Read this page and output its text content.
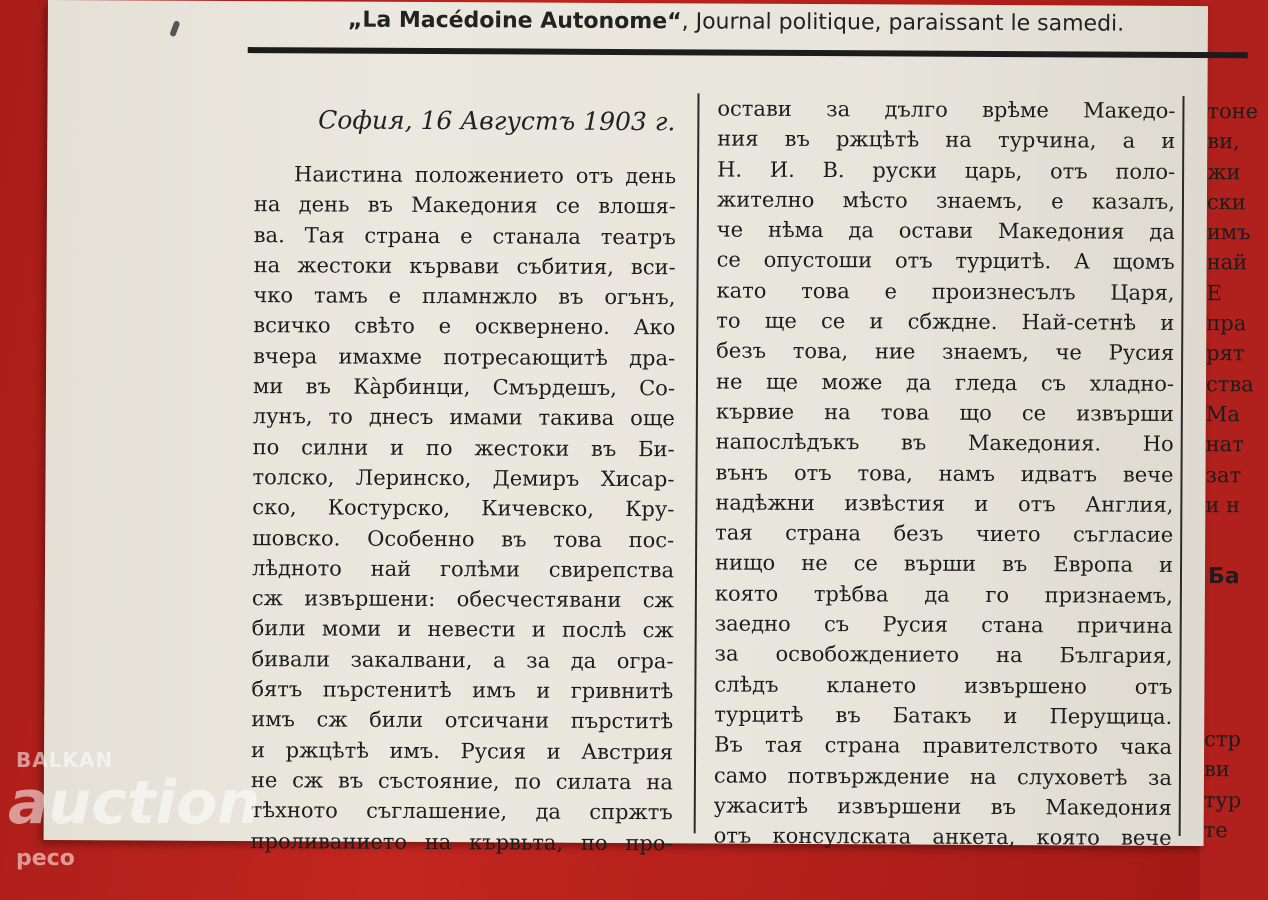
„La Macédoine Autonome“, Journal politique, paraissant le samedi.
София, 16 Августъ 1903 г.
Наистина положението отъ день
на день въ Македония се влошя-
ва. Тая страна е станала театръ
на жестоки кървави събития, вси-
чко тамъ е пламнжло въ огънъ,
всичко свѣто е осквернено. Ако
вчера имахме потресающитѣ дра-
ми въ Кàрбинци, Смърдешъ, Со-
лунъ, то днесъ имами такива още
по силни и по жестоки въ Би-
толско, Леринско, Демиръ Хисар-
ско, Костурско, Кичевско, Кру-
шовско. Особенно въ това пос-
лѣдното най голѣми свирепства
сж извършени: обесчестявани сж
били моми и невести и послѣ сж
бивали закалвани, а за да огра-
бятъ пърстенитѣ имъ и гривнитѣ
имъ сж били отсичани пърститѣ
и ржцѣтѣ имъ. Русия и Австрия
не сж въ състояние, по силата на
тѣхното съглашение, да спржтъ
проливанието на кървьта, по про-
остави за дълго врѣме Македо-
ния въ ржцѣтѣ на турчина, а и
Н. И. В. руски царь, отъ поло-
жително мѣсто знаемъ, е казалъ,
че нѣма да остави Македония да
се опустоши отъ турцитѣ. А щомъ
като това е произнесълъ Царя,
то ще се и сбжднe. Най-сетнѣ и
безъ това, ние знаемъ, че Русия
не ще може да гледа съ хладно-
кървие на това що се извърши
напослѣдъкъ въ Македония. Но
вънъ отъ това, намъ идватъ вече
надѣжни извѣстия и отъ Англия,
тая страна безъ чието съгласие
нищо не се върши въ Европа и
която трѣбва да го признаемъ,
заедно съ Русия стана причина
за освобождението на България,
слѣдъ клането извършено отъ
турцитѣ въ Батакъ и Перущица.
Въ тая страна правителството чака
само потвърждение на слуховетѣ за
ужаситѣ извършени въ Македония
отъ консулската анкета, която вече
тоне
ви,
жи
ски
имъ
най
Е
пра
рят
ства
Ма
нат
зат
и н
Ба
стр
ви
тур
те
BALKAN
auction
peco
